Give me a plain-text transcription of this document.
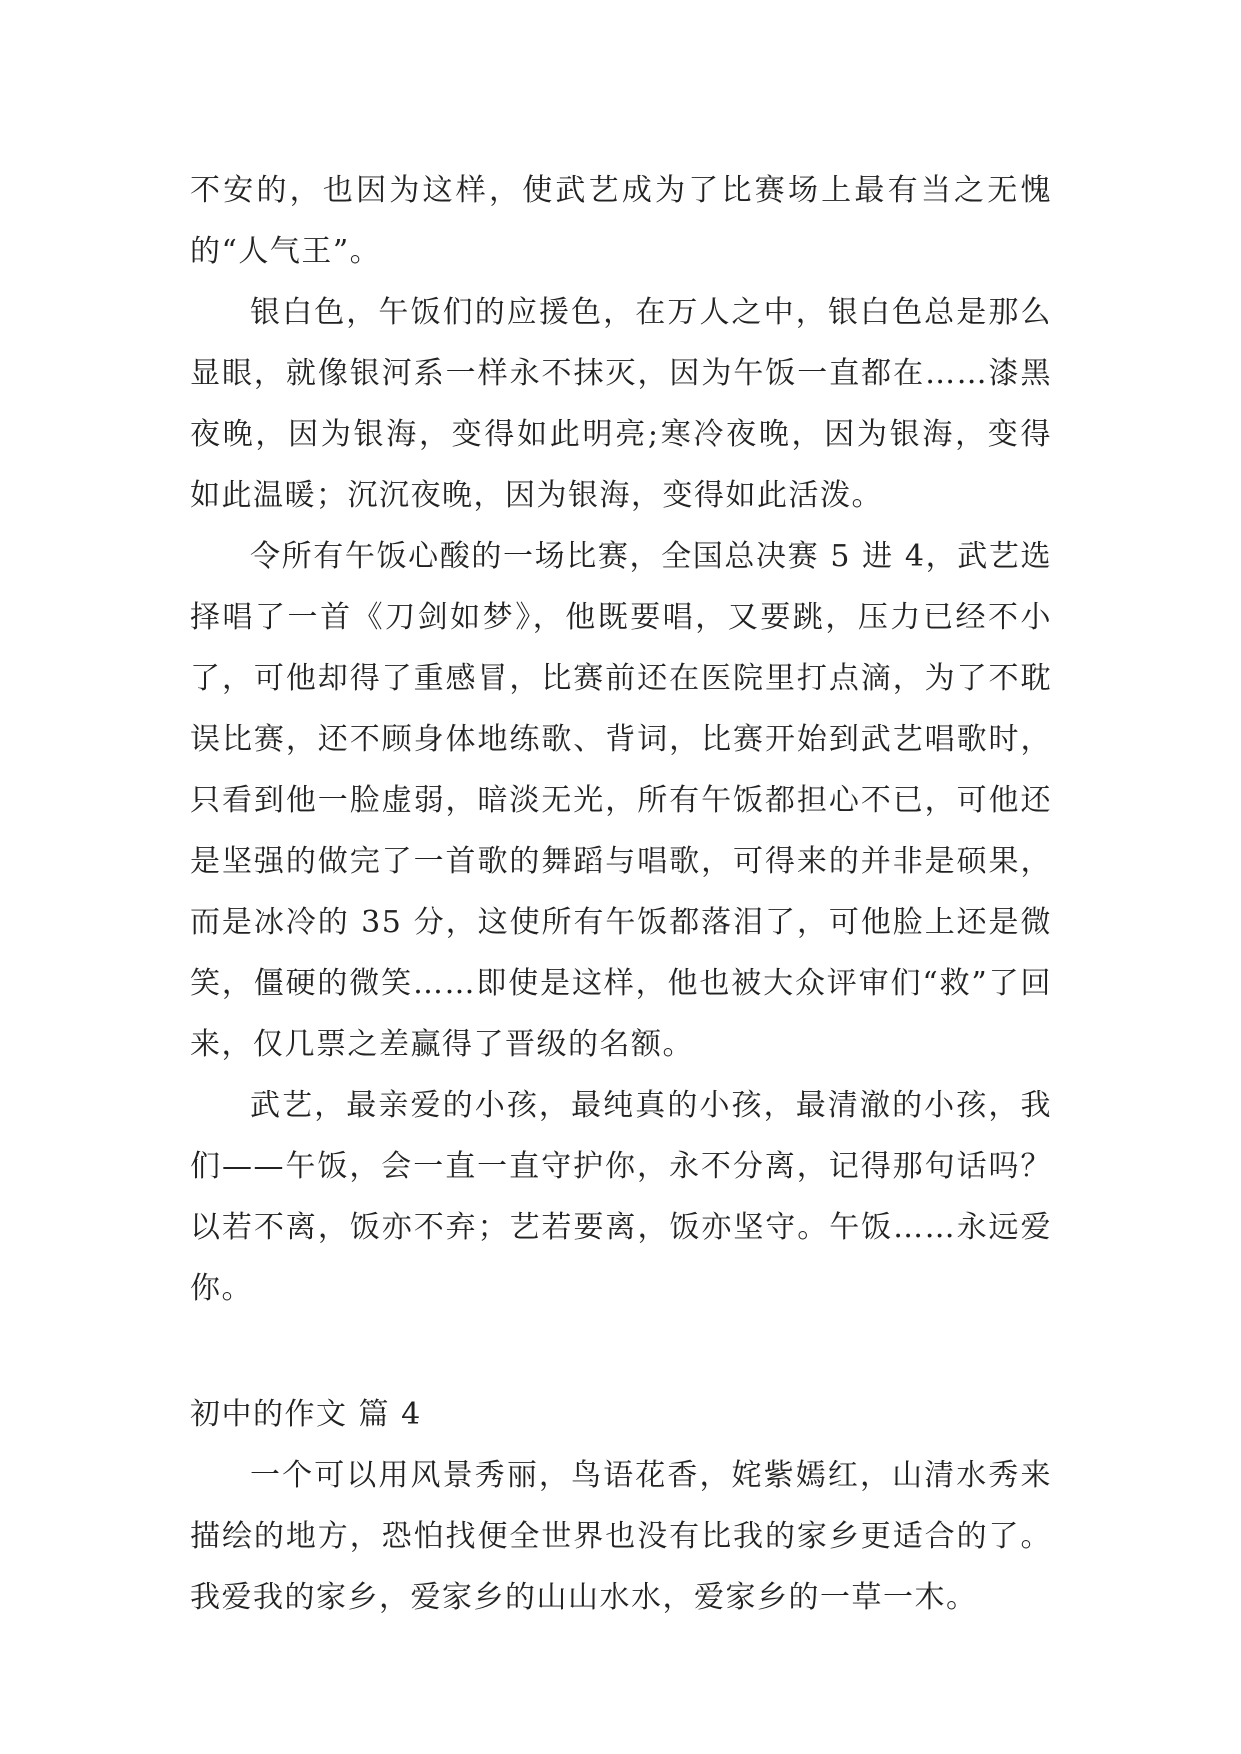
不安的，也因为这样，使武艺成为了比赛场上最有当之无愧的“人气王”。

银白色，午饭们的应援色，在万人之中，银白色总是那么显眼，就像银河系一样永不抹灭，因为午饭一直都在……漆黑夜晚，因为银海，变得如此明亮;寒冷夜晚，因为银海，变得如此温暖；沉沉夜晚，因为银海，变得如此活泼。

令所有午饭心酸的一场比赛，全国总决赛 5 进 4，武艺选择唱了一首《刀剑如梦》，他既要唱，又要跳，压力已经不小了，可他却得了重感冒，比赛前还在医院里打点滴，为了不耽误比赛，还不顾身体地练歌、背词，比赛开始到武艺唱歌时，只看到他一脸虚弱，暗淡无光，所有午饭都担心不已，可他还是坚强的做完了一首歌的舞蹈与唱歌，可得来的并非是硕果，而是冰冷的 35 分，这使所有午饭都落泪了，可他脸上还是微笑，僵硬的微笑……即使是这样，他也被大众评审们“救”了回来，仅几票之差赢得了晋级的名额。

武艺，最亲爱的小孩，最纯真的小孩，最清澈的小孩，我们——午饭，会一直一直守护你，永不分离，记得那句话吗？以若不离，饭亦不弃；艺若要离，饭亦坚守。午饭……永远爱你。

初中的作文 篇 4

一个可以用风景秀丽，鸟语花香，姹紫嫣红，山清水秀来描绘的地方，恐怕找便全世界也没有比我的家乡更适合的了。我爱我的家乡，爱家乡的山山水水，爱家乡的一草一木。
